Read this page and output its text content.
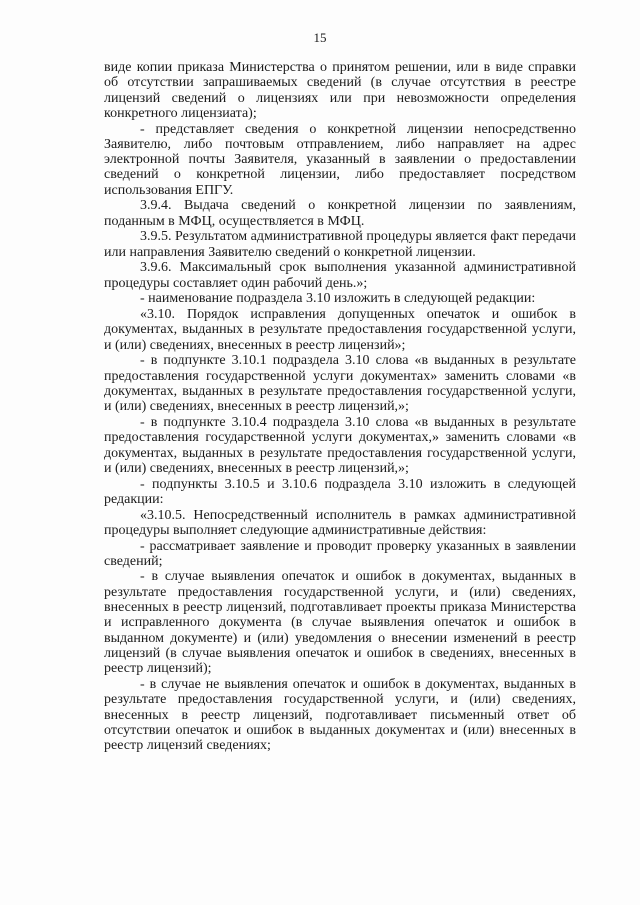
15

виде копии приказа Министерства о принятом решении, или в виде справки об отсутствии запрашиваемых сведений (в случае отсутствия в реестре лицензий сведений о лицензиях или при невозможности определения конкретного лицензиата);

- представляет сведения о конкретной лицензии непосредственно Заявителю, либо почтовым отправлением, либо направляет на адрес электронной почты Заявителя, указанный в заявлении о предоставлении сведений о конкретной лицензии, либо предоставляет посредством использования ЕПГУ.

3.9.4. Выдача сведений о конкретной лицензии по заявлениям, поданным в МФЦ, осуществляется в МФЦ.

3.9.5. Результатом административной процедуры является факт передачи или направления Заявителю сведений о конкретной лицензии.

3.9.6. Максимальный срок выполнения указанной административной процедуры составляет один рабочий день.»;

- наименование подраздела 3.10 изложить в следующей редакции:

«3.10. Порядок исправления допущенных опечаток и ошибок в документах, выданных в результате предоставления государственной услуги, и (или) сведениях, внесенных в реестр лицензий»;

- в подпункте 3.10.1 подраздела 3.10 слова «в выданных в результате предоставления государственной услуги документах» заменить словами «в документах, выданных в результате предоставления государственной услуги, и (или) сведениях, внесенных в реестр лицензий,»;

- в подпункте 3.10.4 подраздела 3.10 слова «в выданных в результате предоставления государственной услуги документах,» заменить словами «в документах, выданных в результате предоставления государственной услуги, и (или) сведениях, внесенных в реестр лицензий,»;

- подпункты 3.10.5 и 3.10.6 подраздела 3.10 изложить в следующей редакции:

«3.10.5. Непосредственный исполнитель в рамках административной процедуры выполняет следующие административные действия:

- рассматривает заявление и проводит проверку указанных в заявлении сведений;

- в случае выявления опечаток и ошибок в документах, выданных в результате предоставления государственной услуги, и (или) сведениях, внесенных в реестр лицензий, подготавливает проекты приказа Министерства и исправленного документа (в случае выявления опечаток и ошибок в выданном документе) и (или) уведомления о внесении изменений в реестр лицензий (в случае выявления опечаток и ошибок в сведениях, внесенных в реестр лицензий);

- в случае не выявления опечаток и ошибок в документах, выданных в результате предоставления государственной услуги, и (или) сведениях, внесенных в реестр лицензий, подготавливает письменный ответ об отсутствии опечаток и ошибок в выданных документах и (или) внесенных в реестр лицензий сведениях;
